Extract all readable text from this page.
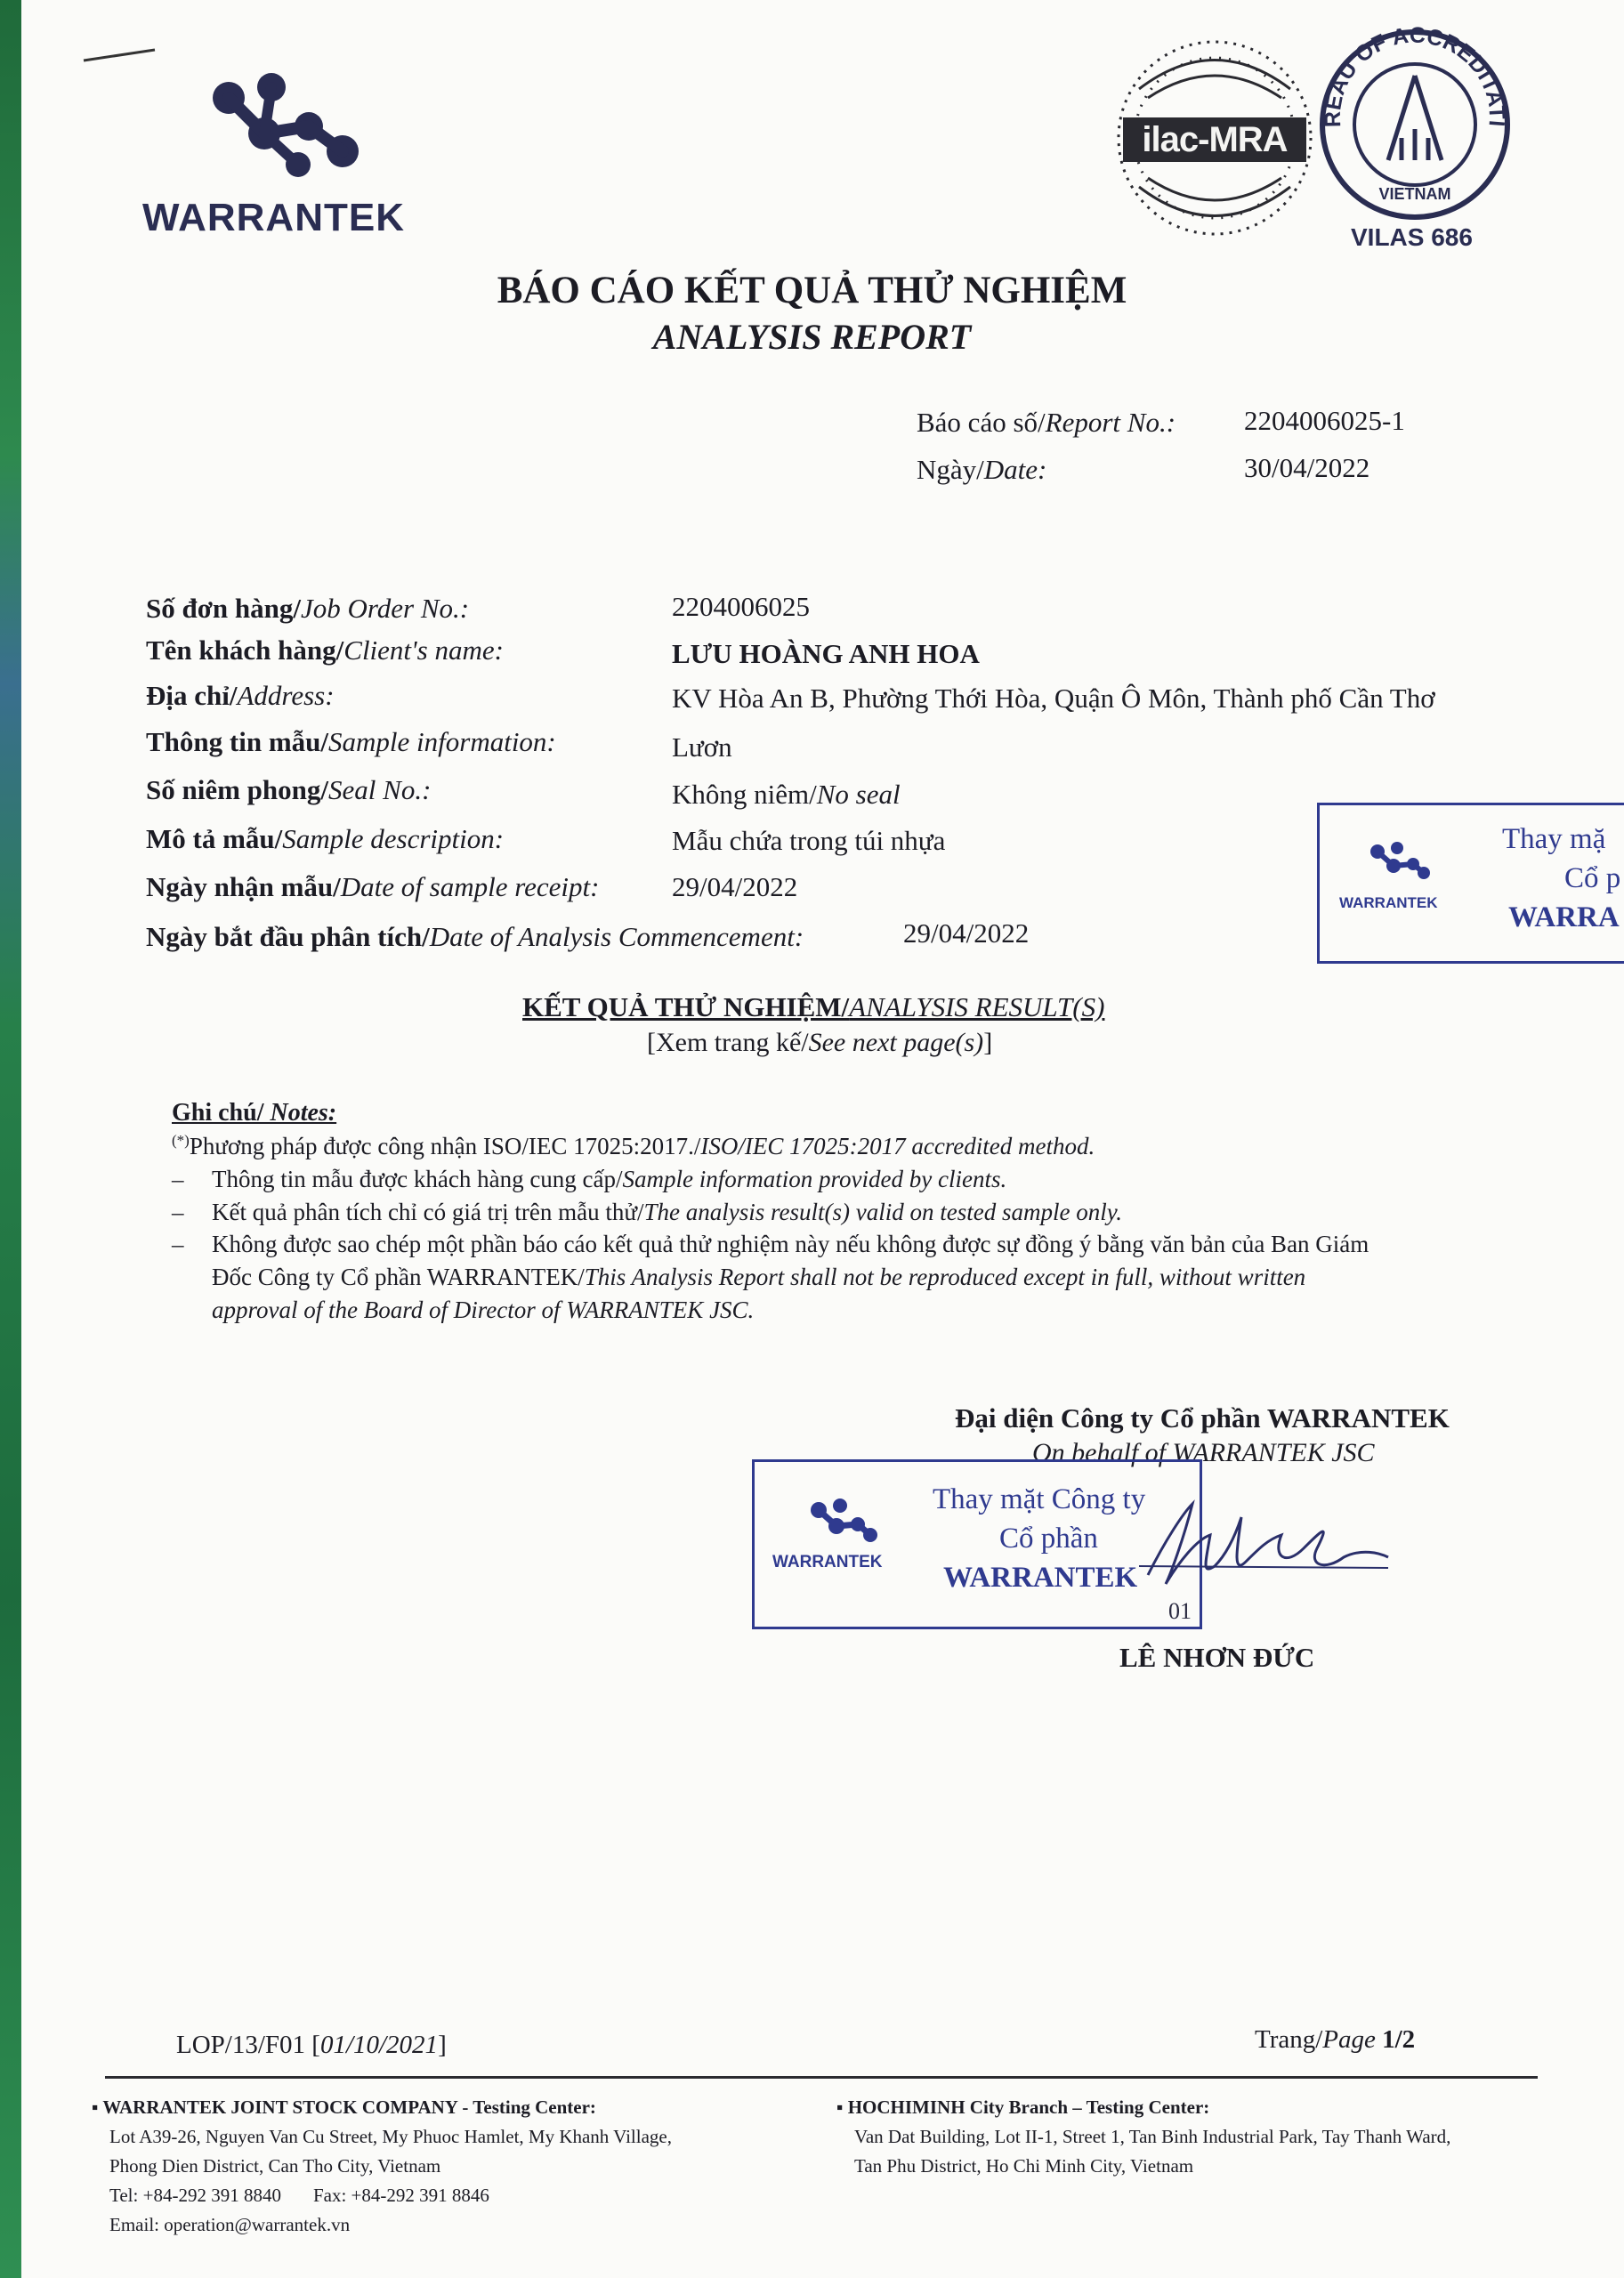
WARRANTEK
ilac-MRA
REAU OF ACCREDITATI
VIETNAM
VILAS 686
BÁO CÁO KẾT QUẢ THỬ NGHIỆM
ANALYSIS REPORT
Báo cáo số/Report No.: 2204006025-1
Ngày/Date:	30/04/2022
Số đơn hàng/Job Order No.:	2204006025
Tên khách hàng/Client's name:	LƯU HOÀNG ANH HOA
Địa chỉ/Address:	KV Hòa An B, Phường Thới Hòa, Quận Ô Môn, Thành phố Cần Thơ
Thông tin mẫu/Sample information:	Lươn
Số niêm phong/Seal No.:	Không niêm/No seal
Mô tả mẫu/Sample description:	Mẫu chứa trong túi nhựa
Ngày nhận mẫu/Date of sample receipt:	29/04/2022
Ngày bắt đầu phân tích/Date of Analysis Commencement:	29/04/2022
WARRANTEK
Thay mặ
Cổ p
WARRA
KẾT QUẢ THỬ NGHIỆM/ANALYSIS RESULT(S)
[Xem trang kế/See next page(s)]
Ghi chú/ Notes:
(*)Phương pháp được công nhận ISO/IEC 17025:2017./ISO/IEC 17025:2017 accredited method.
– Thông tin mẫu được khách hàng cung cấp/Sample information provided by clients.
– Kết quả phân tích chỉ có giá trị trên mẫu thử/The analysis result(s) valid on tested sample only.
– Không được sao chép một phần báo cáo kết quả thử nghiệm này nếu không được sự đồng ý bằng văn bản của Ban Giám
Đốc Công ty Cổ phần WARRANTEK/This Analysis Report shall not be reproduced except in full, without written
approval of the Board of Director of WARRANTEK JSC.
Đại diện Công ty Cổ phần WARRANTEK
On behalf of WARRANTEK JSC
WARRANTEK
Thay mặt Công ty
Cổ phần
WARRANTEK
01
LÊ NHƠN ĐỨC
LOP/13/F01 [01/10/2021]	Trang/Page 1/2
▪ WARRANTEK JOINT STOCK COMPANY - Testing Center:
Lot A39-26, Nguyen Van Cu Street, My Phuoc Hamlet, My Khanh Village,
Phong Dien District, Can Tho City, Vietnam
Tel: +84-292 391 8840 Fax: +84-292 391 8846
Email: operation@warrantek.vn
▪ HOCHIMINH City Branch – Testing Center:
Van Dat Building, Lot II-1, Street 1, Tan Binh Industrial Park, Tay Thanh Ward,
Tan Phu District, Ho Chi Minh City, Vietnam
